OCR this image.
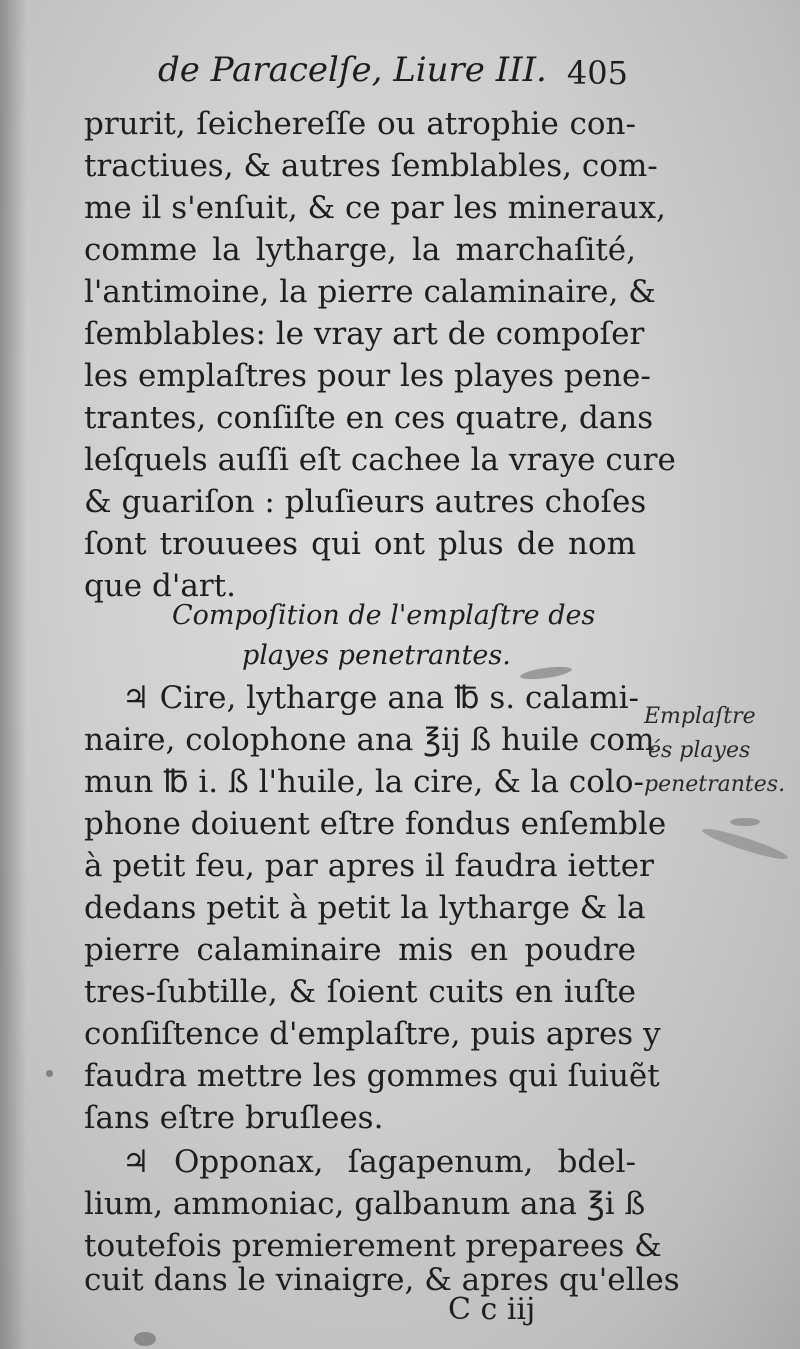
de Paracelſe, Liure III. 405
prurit, ſeichereſſe ou atrophie con-
tractiues, & autres ſemblables, com-
me il s'enſuit, & ce par les mineraux,
comme la lytharge, la marchaſité,
l'antimoine, la pierre calaminaire, &
ſemblables: le vray art de compoſer
les emplaſtres pour les playes pene-
trantes, conſiſte en ces quatre, dans
leſquels auſſi eſt cachee la vraye cure
& guariſon : pluſieurs autres choſes
ſont trouuees qui ont plus de nom
que d'art.
Compoſition de l'emplaſtre des
playes penetrantes.
♃ Cire, lytharge ana ℔ s. calami-
naire, colophone ana ℥ij ß huile com
mun ℔ i. ß l'huile, la cire, & la colo-
phone doiuent eſtre fondus enſemble
à petit feu, par apres il faudra ietter
dedans petit à petit la lytharge & la
pierre calaminaire mis en poudre
tres-ſubtille, & ſoient cuits en iuſte
conſiſtence d'emplaſtre, puis apres y
faudra mettre les gommes qui ſuiuẽt
ſans eſtre bruſlees.
♃ Opponax, ſagapenum, bdel-
lium, ammoniac, galbanum ana ℥i ß
toutefois premierement preparees &
cuit dans le vinaigre, & apres qu'elles
Emplaſtre
és playes
penetrantes.
C c iij
